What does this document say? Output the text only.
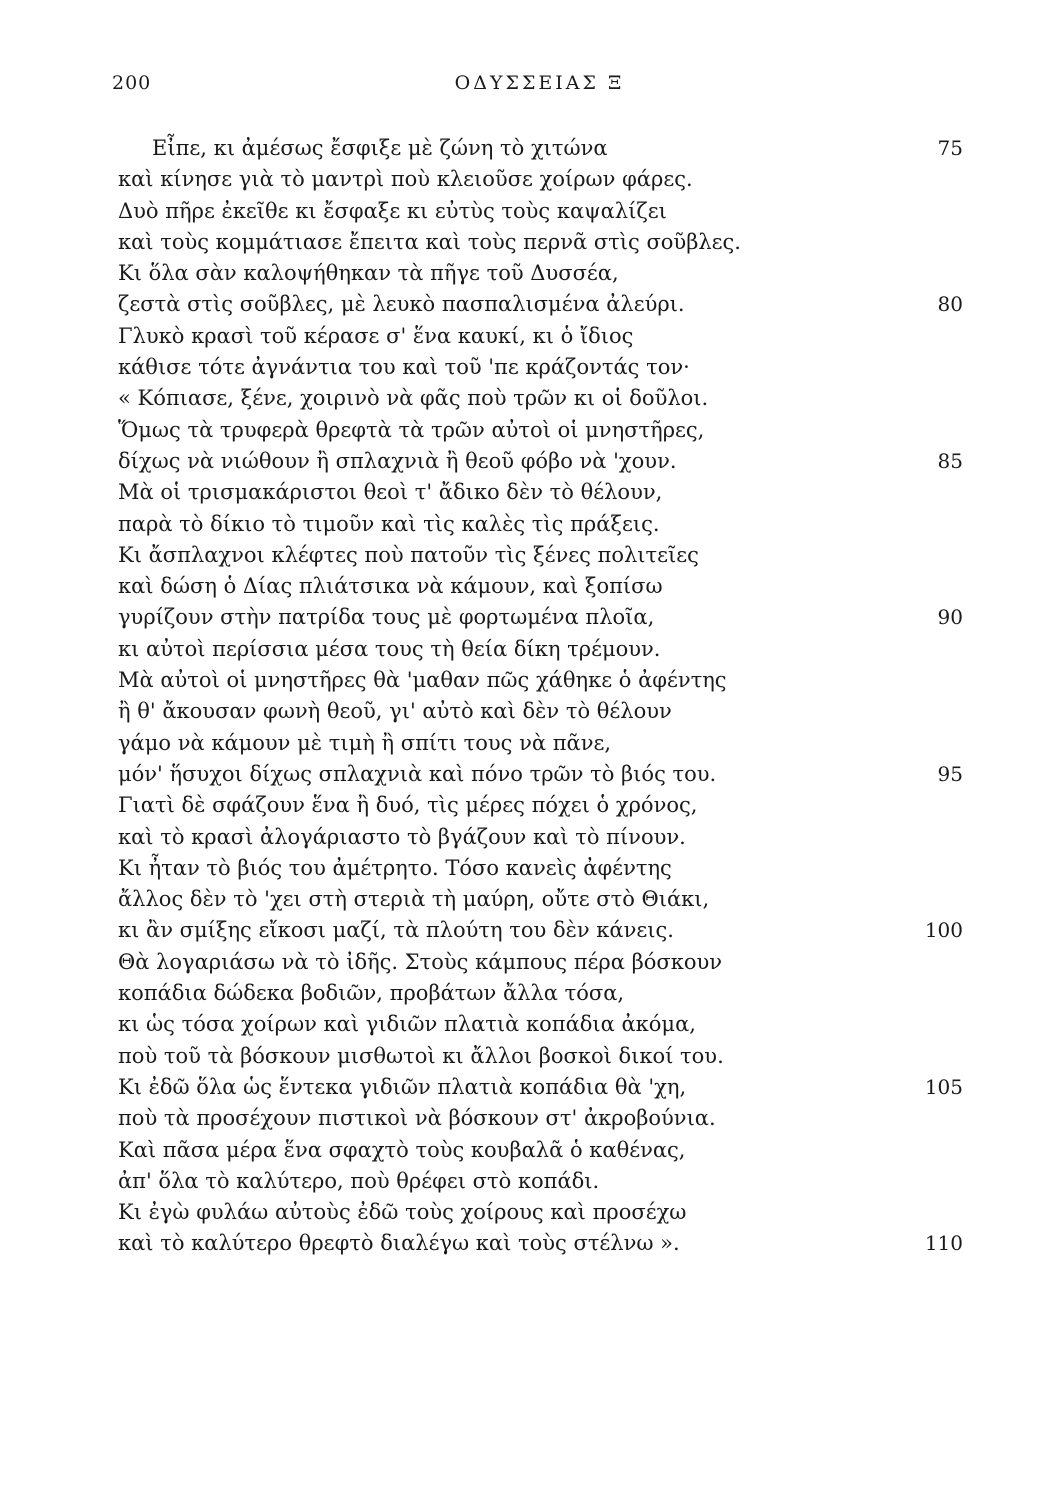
200	ΟΔΥΣΣΕΙΑΣ Ξ
Εἶπε, κι ἀμέσως ἔσφιξε μὲ ζώνη τὸ χιτώνα	75
καὶ κίνησε γιὰ τὸ μαντρὶ ποὺ κλειοῦσε χοίρων φάρες.
Δυὸ πῆρε ἐκεῖθε κι ἔσφαξε κι εὐτὺς τοὺς καψαλίζει
καὶ τοὺς κομμάτιασε ἔπειτα καὶ τοὺς περνᾶ στὶς σοῦβλες.
Κι ὅλα σὰν καλοψήθηκαν τὰ πῆγε τοῦ Δυσσέα,
ζεστὰ στὶς σοῦβλες, μὲ λευκὸ πασπαλισμένα ἀλεύρι.	80
Γλυκὸ κρασὶ τοῦ κέρασε σ' ἕνα καυκί, κι ὁ ἴδιος
κάθισε τότε ἀγνάντια του καὶ τοῦ 'πε κράζοντάς τον·
« Κόπιασε, ξένε, χοιρινὸ νὰ φᾶς ποὺ τρῶν κι οἱ δοῦλοι.
Ὅμως τὰ τρυφερὰ θρεφτὰ τὰ τρῶν αὐτοὶ οἱ μνηστῆρες,
δίχως νὰ νιώθουν ἢ σπλαχνιὰ ἢ θεοῦ φόβο νὰ 'χουν.	85
Μὰ οἱ τρισμακάριστοι θεοὶ τ' ἄδικο δὲν τὸ θέλουν,
παρὰ τὸ δίκιο τὸ τιμοῦν καὶ τὶς καλὲς τὶς πράξεις.
Κι ἄσπλαχνοι κλέφτες ποὺ πατοῦν τὶς ξένες πολιτεῖες
καὶ δώση ὁ Δίας πλιάτσικα νὰ κάμουν, καὶ ξοπίσω
γυρίζουν στὴν πατρίδα τους μὲ φορτωμένα πλοῖα,	90
κι αὐτοὶ περίσσια μέσα τους τὴ θεία δίκη τρέμουν.
Μὰ αὐτοὶ οἱ μνηστῆρες θὰ 'μαθαν πῶς χάθηκε ὁ ἀφέντης
ἢ θ' ἄκουσαν φωνὴ θεοῦ, γι' αὐτὸ καὶ δὲν τὸ θέλουν
γάμο νὰ κάμουν μὲ τιμὴ ἢ σπίτι τους νὰ πᾶνε,
μόν' ἥσυχοι δίχως σπλαχνιὰ καὶ πόνο τρῶν τὸ βιός του.	95
Γιατὶ δὲ σφάζουν ἕνα ἢ δυό, τὶς μέρες πόχει ὁ χρόνος,
καὶ τὸ κρασὶ ἀλογάριαστο τὸ βγάζουν καὶ τὸ πίνουν.
Κι ἦταν τὸ βιός του ἀμέτρητο. Τόσο κανεὶς ἀφέντης
ἄλλος δὲν τὸ 'χει στὴ στεριὰ τὴ μαύρη, οὔτε στὸ Θιάκι,
κι ἂν σμίξης εἴκοσι μαζί, τὰ πλούτη του δὲν κάνεις.	100
Θὰ λογαριάσω νὰ τὸ ἰδῆς. Στοὺς κάμπους πέρα βόσκουν
κοπάδια δώδεκα βοδιῶν, προβάτων ἄλλα τόσα,
κι ὡς τόσα χοίρων καὶ γιδιῶν πλατιὰ κοπάδια ἀκόμα,
ποὺ τοῦ τὰ βόσκουν μισθωτοὶ κι ἄλλοι βοσκοὶ δικοί του.
Κι ἐδῶ ὅλα ὡς ἕντεκα γιδιῶν πλατιὰ κοπάδια θὰ 'χη,	105
ποὺ τὰ προσέχουν πιστικοὶ νὰ βόσκουν στ' ἀκροβούνια.
Καὶ πᾶσα μέρα ἕνα σφαχτὸ τοὺς κουβαλᾶ ὁ καθένας,
ἀπ' ὅλα τὸ καλύτερο, ποὺ θρέφει στὸ κοπάδι.
Κι ἐγὼ φυλάω αὐτοὺς ἐδῶ τοὺς χοίρους καὶ προσέχω
καὶ τὸ καλύτερο θρεφτὸ διαλέγω καὶ τοὺς στέλνω ».	110
